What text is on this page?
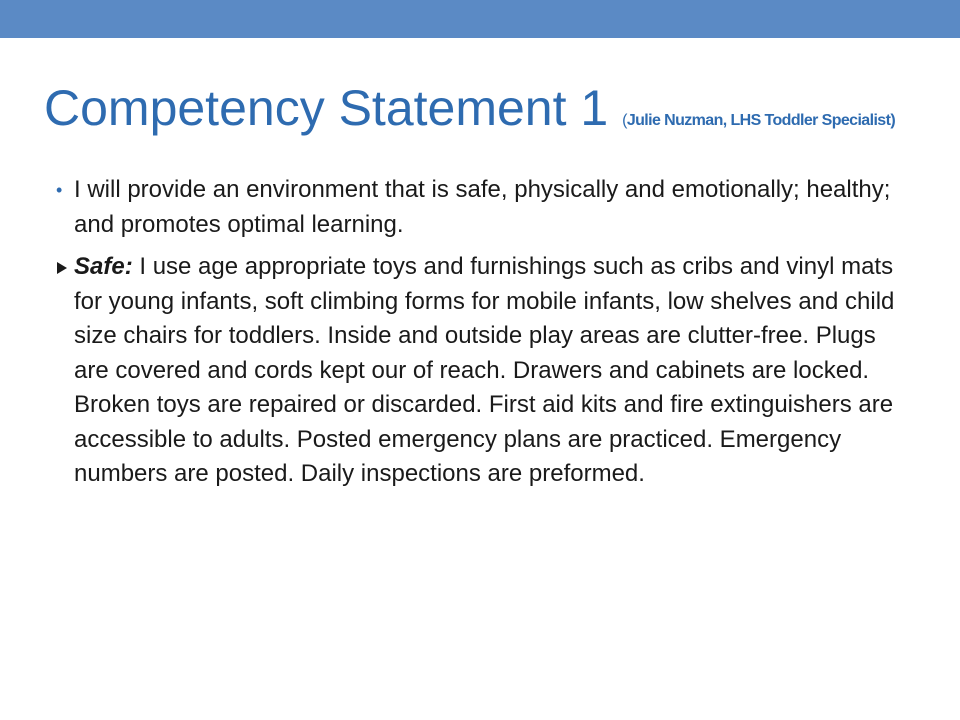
Competency Statement 1 (Julie Nuzman, LHS Toddler Specialist)
• I will provide an environment that is safe, physically and emotionally; healthy; and promotes optimal learning.
Safe: I use age appropriate toys and furnishings such as cribs and vinyl mats for young infants, soft climbing forms for mobile infants, low shelves and child size chairs for toddlers. Inside and outside play areas are clutter-free. Plugs are covered and cords kept our of reach. Drawers and cabinets are locked. Broken toys are repaired or discarded. First aid kits and fire extinguishers are accessible to adults. Posted emergency plans are practiced. Emergency numbers are posted. Daily inspections are preformed.
